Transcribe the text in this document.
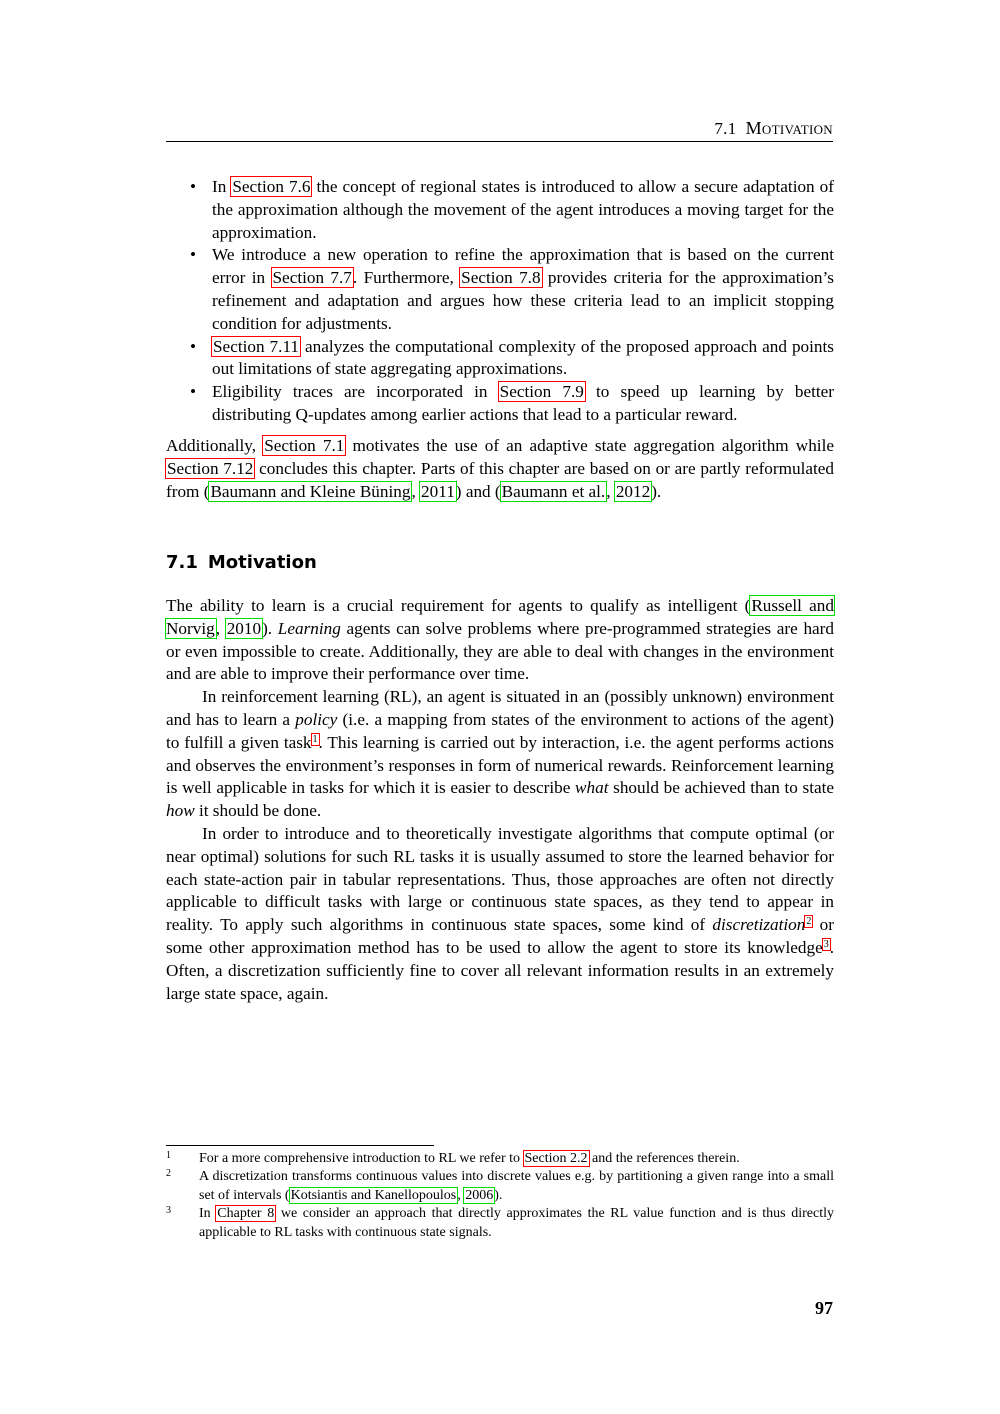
7.1 Motivation
• In Section 7.6 the concept of regional states is introduced to allow a secure adaptation of the approximation although the movement of the agent introduces a moving target for the approximation.
• We introduce a new operation to refine the approximation that is based on the current error in Section 7.7. Furthermore, Section 7.8 provides criteria for the approximation’s refinement and adaptation and argues how these criteria lead to an implicit stopping condition for adjustments.
• Section 7.11 analyzes the computational complexity of the proposed approach and points out limitations of state aggregating approximations.
• Eligibility traces are incorporated in Section 7.9 to speed up learning by better distributing Q-updates among earlier actions that lead to a particular reward.

Additionally, Section 7.1 motivates the use of an adaptive state aggregation algorithm while Section 7.12 concludes this chapter. Parts of this chapter are based on or are partly reformulated from (Baumann and Kleine Büning, 2011) and (Baumann et al., 2012).

7.1 Motivation

The ability to learn is a crucial requirement for agents to qualify as intelligent (Russell and Norvig, 2010). Learning agents can solve problems where pre-programmed strategies are hard or even impossible to create. Additionally, they are able to deal with changes in the environment and are able to improve their performance over time.

In reinforcement learning (RL), an agent is situated in an (possibly unknown) environment and has to learn a policy (i.e. a mapping from states of the environment to actions of the agent) to fulfill a given task$^1$. This learning is carried out by interaction, i.e. the agent performs actions and observes the environment’s responses in form of numerical rewards. Reinforcement learning is well applicable in tasks for which it is easier to describe what should be achieved than to state how it should be done.

In order to introduce and to theoretically investigate algorithms that compute optimal (or near optimal) solutions for such RL tasks it is usually assumed to store the learned behavior for each state-action pair in tabular representations. Thus, those approaches are often not directly applicable to difficult tasks with large or continuous state spaces, as they tend to appear in reality. To apply such algorithms in continuous state spaces, some kind of discretization$^2$ or some other approximation method has to be used to allow the agent to store its knowledge$^3$. Often, a discretization sufficiently fine to cover all relevant information results in an extremely large state space, again.

1 For a more comprehensive introduction to RL we refer to Section 2.2 and the references therein.
2 A discretization transforms continuous values into discrete values e.g. by partitioning a given range into a small set of intervals (Kotsiantis and Kanellopoulos, 2006).
3 In Chapter 8 we consider an approach that directly approximates the RL value function and is thus directly applicable to RL tasks with continuous state signals.
97
